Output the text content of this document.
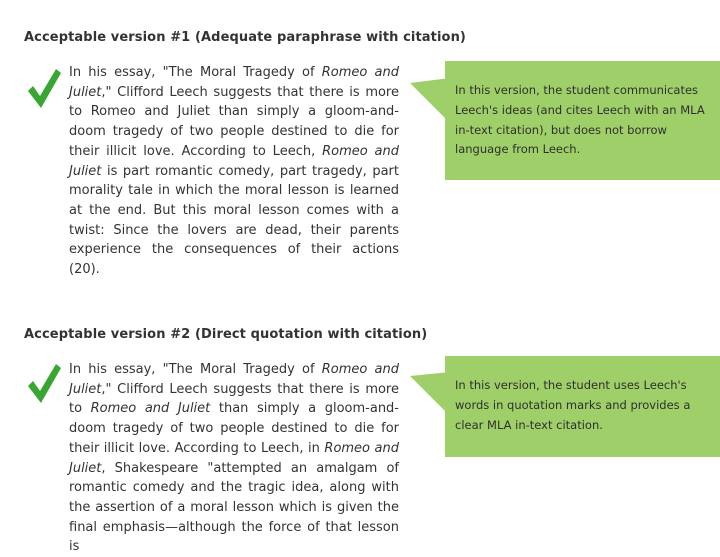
Acceptable version #1 (Adequate paraphrase with citation)

In his essay, "The Moral Tragedy of Romeo and Juliet," Clifford Leech suggests that there is more to Romeo and Juliet than simply a gloom-and-doom tragedy of two people destined to die for their illicit love. According to Leech, Romeo and Juliet is part romantic comedy, part tragedy, part morality tale in which the moral lesson is learned at the end. But this moral lesson comes with a twist: Since the lovers are dead, their parents experience the consequences of their actions (20).

In this version, the student communicates Leech's ideas (and cites Leech with an MLA in-text citation), but does not borrow language from Leech.

Acceptable version #2 (Direct quotation with citation)

In his essay, "The Moral Tragedy of Romeo and Juliet," Clifford Leech suggests that there is more to Romeo and Juliet than simply a gloom-and-doom tragedy of two people destined to die for their illicit love. According to Leech, in Romeo and Juliet, Shakespeare "attempted an amalgam of romantic comedy and the tragic idea, along with the assertion of a moral lesson which is given the final emphasis—although the force of that lesson is

In this version, the student uses Leech's words in quotation marks and provides a clear MLA in-text citation.
